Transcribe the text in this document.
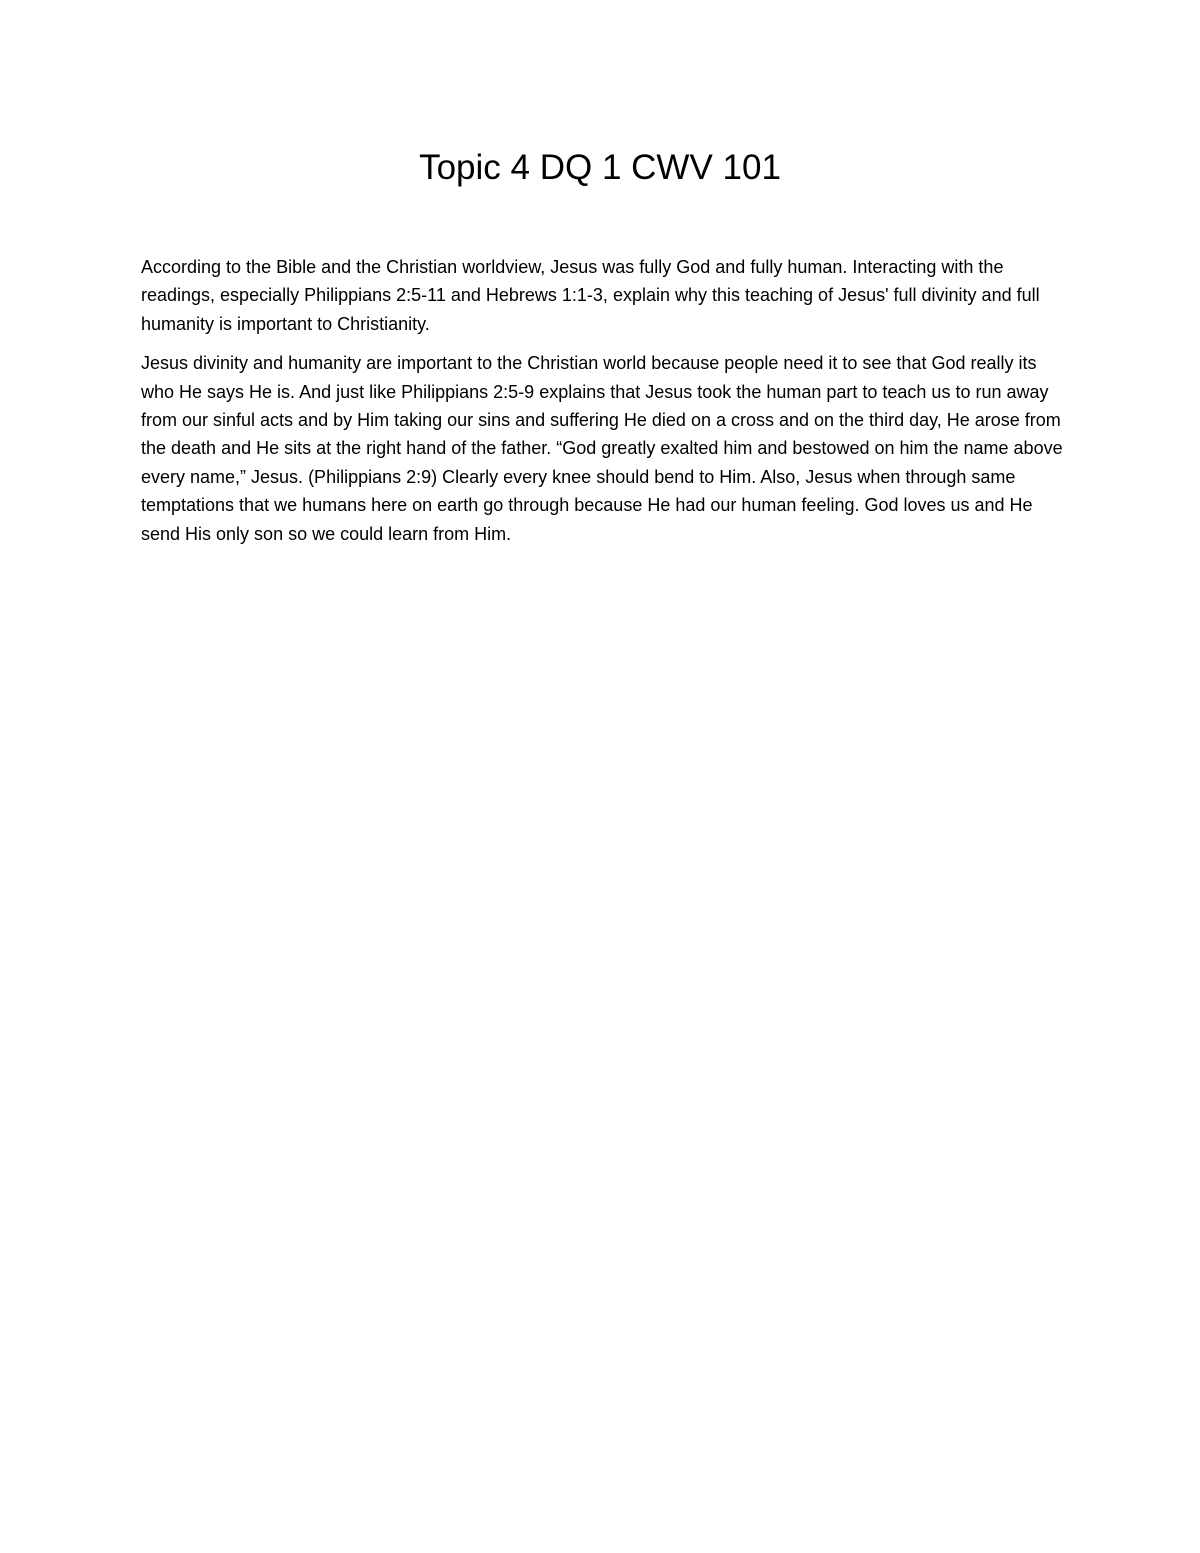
Topic 4 DQ 1 CWV 101

According to the Bible and the Christian worldview, Jesus was fully God and fully human. Interacting with the readings, especially Philippians 2:5-11 and Hebrews 1:1-3, explain why this teaching of Jesus' full divinity and full humanity is important to Christianity.

Jesus divinity and humanity are important to the Christian world because people need it to see that God really its who He says He is. And just like Philippians 2:5-9 explains that Jesus took the human part to teach us to run away from our sinful acts and by Him taking our sins and suffering He died on a cross and on the third day, He arose from the death and He sits at the right hand of the father. “God greatly exalted him and bestowed on him the name above every name,” Jesus. (Philippians 2:9) Clearly every knee should bend to Him. Also, Jesus when through same temptations that we humans here on earth go through because He had our human feeling. God loves us and He send His only son so we could learn from Him.
